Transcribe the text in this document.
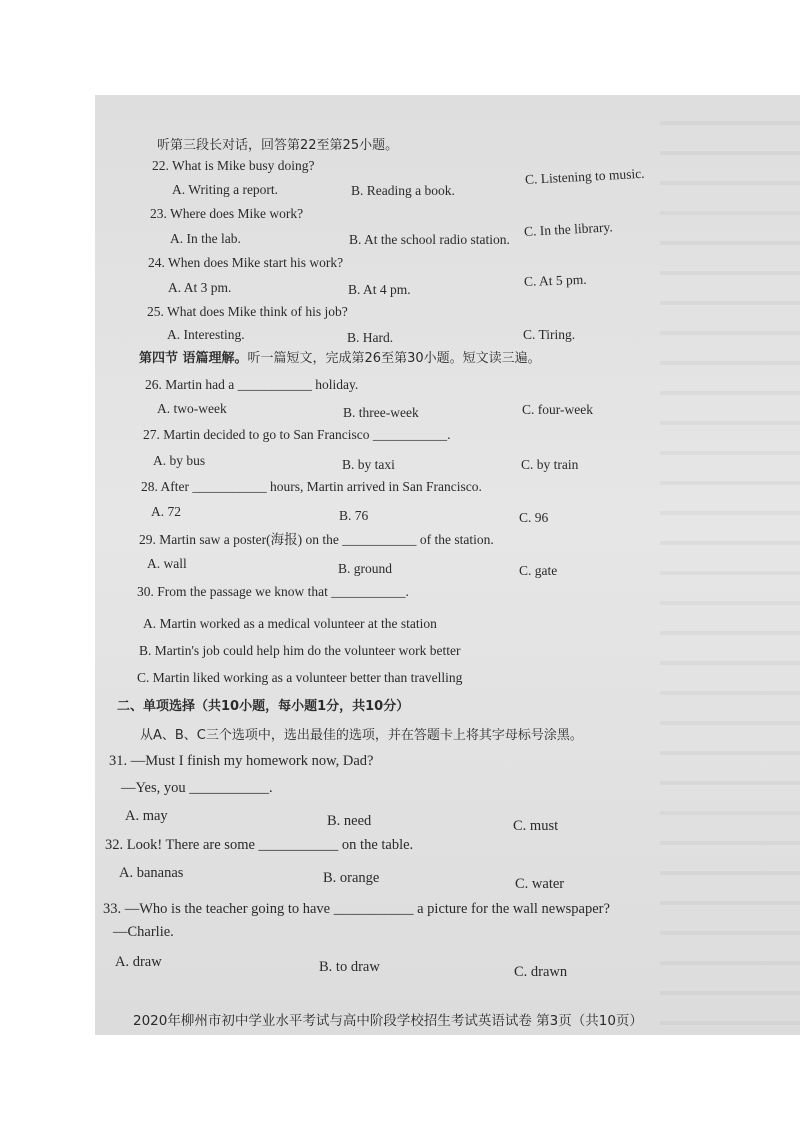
听第三段长对话，回答第22至第25小题。
22. What is Mike busy doing?
A. Writing a report.	B. Reading a book.
C. Listening to music.
23. Where does Mike work?
A. In the lab.	B. At the school radio station.
C. In the library.
24. When does Mike start his work?
A. At 3 pm.	B. At 4 pm.
C. At 5 pm.
25. What does Mike think of his job?
A. Interesting.	B. Hard.	C. Tiring.
第四节 语篇理解。听一篇短文，完成第26至第30小题。短文读三遍。
26. Martin had a ___________ holiday.
A. two-week	B. three-week	C. four-week
27. Martin decided to go to San Francisco ___________.
A. by bus	B. by taxi	C. by train
28. After ___________ hours, Martin arrived in San Francisco.
A. 72	B. 76	C. 96
29. Martin saw a poster(海报) on the ___________ of the station.
A. wall	B. ground	C. gate
30. From the passage we know that ___________.
A. Martin worked as a medical volunteer at the station
B. Martin's job could help him do the volunteer work better
C. Martin liked working as a volunteer better than travelling
二、单项选择（共10小题，每小题1分，共10分）
从A、B、C三个选项中，选出最佳的选项，并在答题卡上将其字母标号涂黑。
31. —Must I finish my homework now, Dad?
—Yes, you ___________.
A. may	B. need	C. must
32. Look! There are some ___________ on the table.
A. bananas	B. orange	C. water
33. —Who is the teacher going to have ___________ a picture for the wall newspaper?
—Charlie.
A. draw	B. to draw	C. drawn
2020年柳州市初中学业水平考试与高中阶段学校招生考试英语试卷 第3页（共10页）
